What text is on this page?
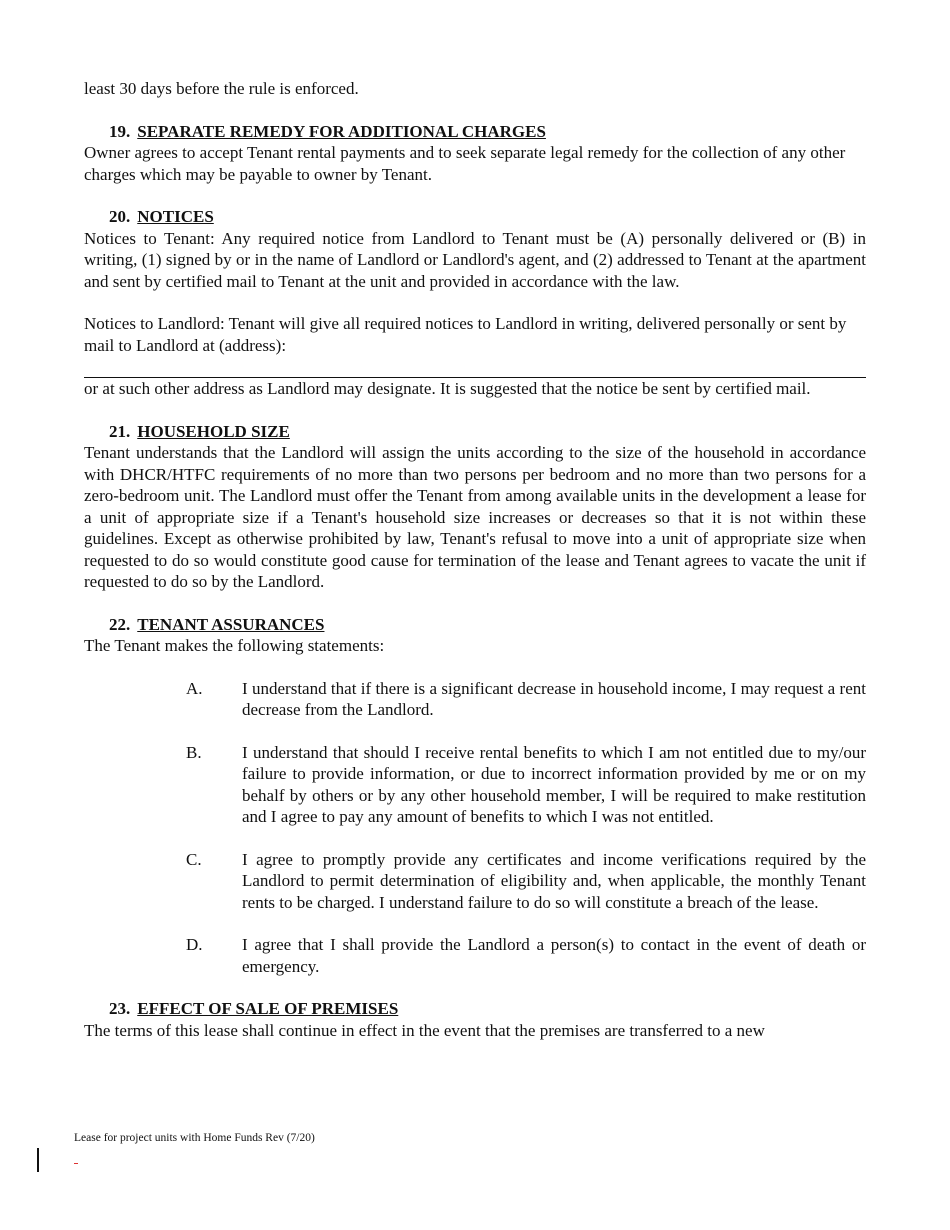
least 30 days before the rule is enforced.

19. SEPARATE REMEDY FOR ADDITIONAL CHARGES

Owner agrees to accept Tenant rental payments and to seek separate legal remedy for the collection of any other charges which may be payable to owner by Tenant.

20. NOTICES

Notices to Tenant: Any required notice from Landlord to Tenant must be (A) personally delivered or (B) in writing, (1) signed by or in the name of Landlord or Landlord's agent, and (2) addressed to Tenant at the apartment and sent by certified mail to Tenant at the unit and provided in accordance with the law.

Notices to Landlord: Tenant will give all required notices to Landlord in writing, delivered personally or sent by mail to Landlord at (address):

or at such other address as Landlord may designate. It is suggested that the notice be sent by certified mail.

21. HOUSEHOLD SIZE

Tenant understands that the Landlord will assign the units according to the size of the household in accordance with DHCR/HTFC requirements of no more than two persons per bedroom and no more than two persons for a zero-bedroom unit. The Landlord must offer the Tenant from among available units in the development a lease for a unit of appropriate size if a Tenant's household size increases or decreases so that it is not within these guidelines. Except as otherwise prohibited by law, Tenant's refusal to move into a unit of appropriate size when requested to do so would constitute good cause for termination of the lease and Tenant agrees to vacate the unit if requested to do so by the Landlord.

22. TENANT ASSURANCES

The Tenant makes the following statements:

A.	I understand that if there is a significant decrease in household income, I may request a rent decrease from the Landlord.
B.	I understand that should I receive rental benefits to which I am not entitled due to my/our failure to provide information, or due to incorrect information provided by me or on my behalf by others or by any other household member, I will be required to make restitution and I agree to pay any amount of benefits to which I was not entitled.
C.	I agree to promptly provide any certificates and income verifications required by the Landlord to permit determination of eligibility and, when applicable, the monthly Tenant rents to be charged. I understand failure to do so will constitute a breach of the lease.
D.	I agree that I shall provide the Landlord a person(s) to contact in the event of death or emergency.

23. EFFECT OF SALE OF PREMISES

The terms of this lease shall continue in effect in the event that the premises are transferred to a new

Lease for project units with Home Funds Rev (7/20)
